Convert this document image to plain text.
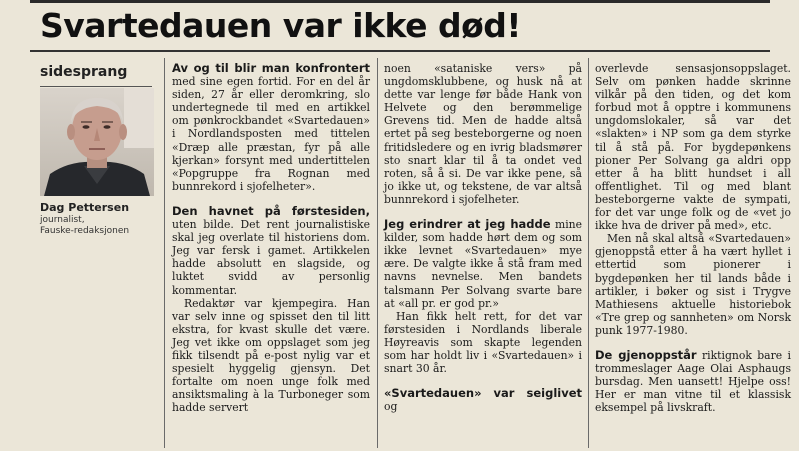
Svartedauen var ikke død!
sidesprang

Dag Pettersen

journalist,
Fauske-redaksjonen

Av og til blir man konfrontert med sine egen fortid. For en del år siden, 27 år eller deromkring, slo undertegnede til med en artikkel om pønkrockbandet «Svartedauen» i Nordlandsposten med tittelen «Dræp alle præstan, fyr på alle kjerkan» forsynt med undertittelen «Popgruppe fra Rognan med bunnrekord i sjofelheter».

Den havnet på førstesiden, uten bilde. Det rent journalistiske skal jeg overlate til historiens dom. Jeg var fersk i gamet. Artikkelen hadde absolutt en slagside, og luktet svidd av personlig kommentar.

Redaktør var kjempegira. Han var selv inne og spisset den til litt ekstra, for kvast skulle det være. Jeg vet ikke om oppslaget som jeg fikk tilsendt på e-post nylig var et spesielt hyggelig gjensyn. Det fortalte om noen unge folk med ansiktsmaling à la Turboneger som hadde servert

noen «sataniske vers» på ungdomsklubbene, og husk nå at dette var lenge før både Hank von Helvete og den berømmelige Grevens tid. Men de hadde altså ertet på seg besteborgerne og noen fritidsledere og en ivrig bladsmører sto snart klar til å ta ondet ved roten, så å si. De var ikke pene, så jo ikke ut, og tekstene, de var altså bunnrekord i sjofelheter.

Jeg erindrer at jeg hadde mine kilder, som hadde hørt dem og som ikke levnet «Svartedauen» mye ære. De valgte ikke å stå fram med navns nevnelse. Men bandets talsmann Per Solvang svarte bare at «all pr. er god pr.»

Han fikk helt rett, for det var førstesiden i Nordlands liberale Høyreavis som skapte legenden som har holdt liv i «Svartedauen» i snart 30 år.

«Svartedauen» var seiglivet og

overlevde sensasjonsoppslaget. Selv om pønken hadde skrinne vilkår på den tiden, og det kom forbud mot å opptre i kommunens ungdomslokaler, så var det «slakten» i NP som ga dem styrke til å stå på. For bygdepønkens pioner Per Solvang ga aldri opp etter å ha blitt hundset i all offentlighet. Til og med blant besteborgerne vakte de sympati, for det var unge folk og de «vet jo ikke hva de driver på med», etc.

Men nå skal altså «Svartedauen» gjenoppstå etter å ha vært hyllet i ettertid som pionerer i bygdepønken her til lands både i artikler, i bøker og sist i Trygve Mathiesens aktuelle historiebok «Tre grep og sannheten» om Norsk punk 1977-1980.

De gjenoppstår riktignok bare i trommeslager Aage Olai Asphaugs bursdag. Men uansett! Hjelpe oss! Her er man vitne til et klassisk eksempel på livskraft.
